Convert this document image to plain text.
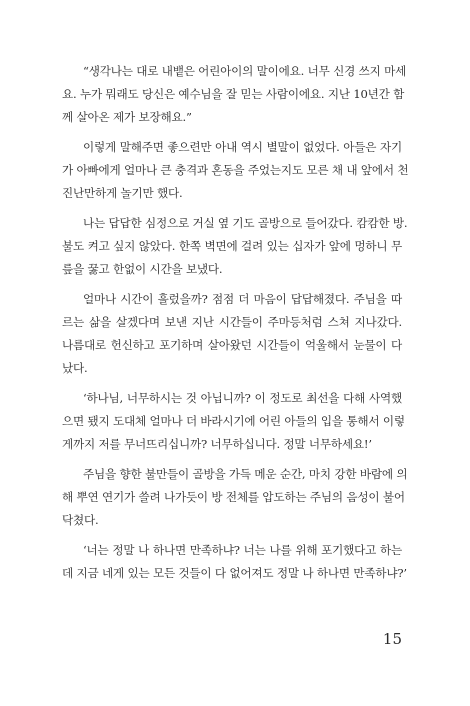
“생각나는 대로 내뱉은 어린아이의 말이에요. 너무 신경 쓰지 마세
요. 누가 뭐래도 당신은 예수님을 잘 믿는 사람이에요. 지난 10년간 함
께 살아온 제가 보장해요.”
이렇게 말해주면 좋으련만 아내 역시 별말이 없었다. 아들은 자기
가 아빠에게 얼마나 큰 충격과 혼동을 주었는지도 모른 채 내 앞에서 천
진난만하게 놀기만 했다.
나는 답답한 심정으로 거실 옆 기도 골방으로 들어갔다. 캄캄한 방.
불도 켜고 싶지 않았다. 한쪽 벽면에 걸려 있는 십자가 앞에 멍하니 무
릎을 꿇고 한없이 시간을 보냈다.
얼마나 시간이 흘렀을까? 점점 더 마음이 답답해졌다. 주님을 따
르는 삶을 살겠다며 보낸 지난 시간들이 주마등처럼 스쳐 지나갔다.
나름대로 헌신하고 포기하며 살아왔던 시간들이 억울해서 눈물이 다
났다.
‘하나님, 너무하시는 것 아닙니까? 이 정도로 최선을 다해 사역했
으면 됐지 도대체 얼마나 더 바라시기에 어린 아들의 입을 통해서 이렇
게까지 저를 무너뜨리십니까? 너무하십니다. 정말 너무하세요!’
주님을 향한 불만들이 골방을 가득 메운 순간, 마치 강한 바람에 의
해 뿌연 연기가 쓸려 나가듯이 방 전체를 압도하는 주님의 음성이 불어
닥쳤다.
‘너는 정말 나 하나면 만족하냐? 너는 나를 위해 포기했다고 하는
데 지금 네게 있는 모든 것들이 다 없어져도 정말 나 하나면 만족하냐?’
15
